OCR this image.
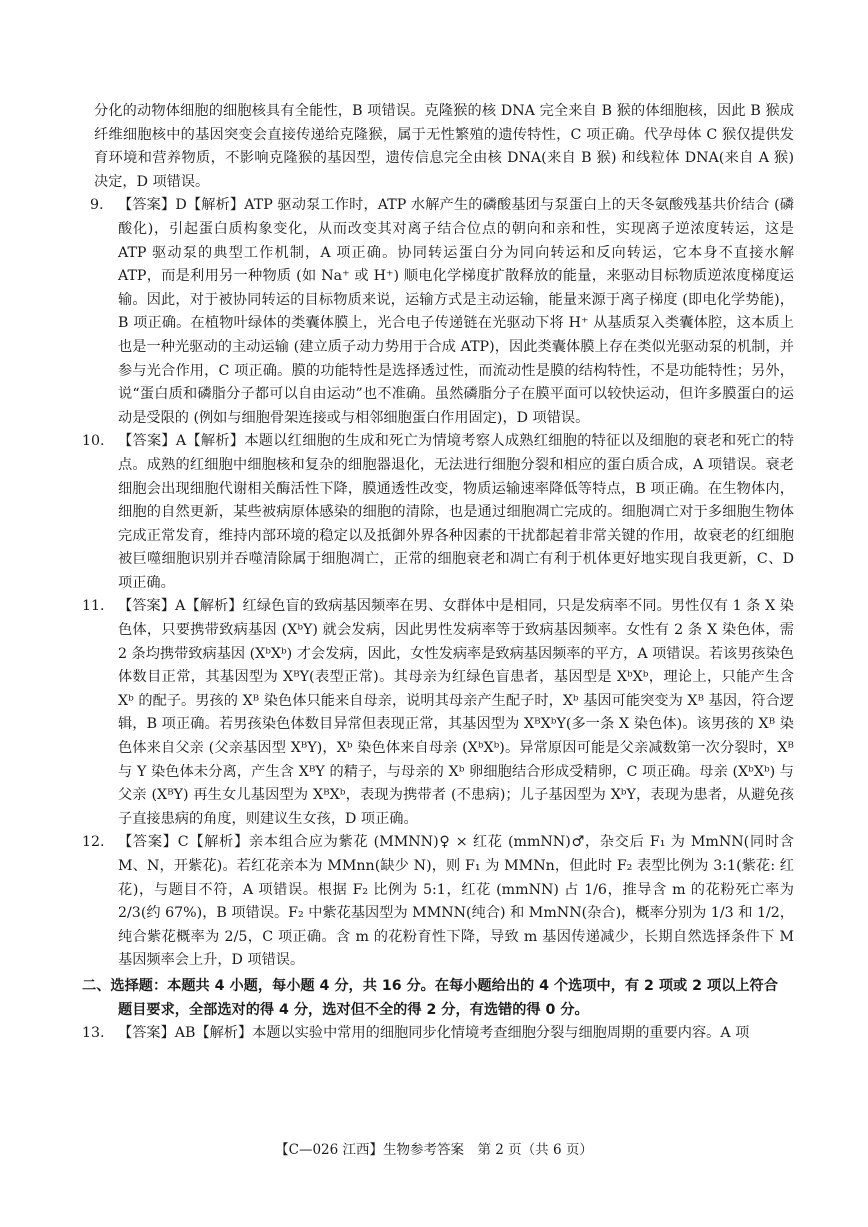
分化的动物体细胞的细胞核具有全能性，B 项错误。克隆猴的核 DNA 完全来自 B 猴的体细胞核，因此 B 猴成纤维细胞核中的基因突变会直接传递给克隆猴，属于无性繁殖的遗传特性，C 项正确。代孕母体 C 猴仅提供发育环境和营养物质，不影响克隆猴的基因型，遗传信息完全由核 DNA(来自 B 猴) 和线粒体 DNA(来自 A 猴) 决定，D 项错误。

9. 【答案】D【解析】ATP 驱动泵工作时，ATP 水解产生的磷酸基团与泵蛋白上的天冬氨酸残基共价结合 (磷酸化)，引起蛋白质构象变化，从而改变其对离子结合位点的朝向和亲和性，实现离子逆浓度转运，这是 ATP 驱动泵的典型工作机制，A 项正确。协同转运蛋白分为同向转运和反向转运，它本身不直接水解 ATP，而是利用另一种物质 (如 Na⁺ 或 H⁺) 顺电化学梯度扩散释放的能量，来驱动目标物质逆浓度梯度运输。因此，对于被协同转运的目标物质来说，运输方式是主动运输，能量来源于离子梯度 (即电化学势能)，B 项正确。在植物叶绿体的类囊体膜上，光合电子传递链在光驱动下将 H⁺ 从基质泵入类囊体腔，这本质上也是一种光驱动的主动运输 (建立质子动力势用于合成 ATP)，因此类囊体膜上存在类似光驱动泵的机制，并参与光合作用，C 项正确。膜的功能特性是选择透过性，而流动性是膜的结构特性，不是功能特性；另外，说“蛋白质和磷脂分子都可以自由运动”也不准确。虽然磷脂分子在膜平面可以较快运动，但许多膜蛋白的运动是受限的 (例如与细胞骨架连接或与相邻细胞蛋白作用固定)，D 项错误。
10. 【答案】A【解析】本题以红细胞的生成和死亡为情境考察人成熟红细胞的特征以及细胞的衰老和死亡的特点。成熟的红细胞中细胞核和复杂的细胞器退化，无法进行细胞分裂和相应的蛋白质合成，A 项错误。衰老细胞会出现细胞代谢相关酶活性下降，膜通透性改变，物质运输速率降低等特点，B 项正确。在生物体内，细胞的自然更新，某些被病原体感染的细胞的清除，也是通过细胞凋亡完成的。细胞凋亡对于多细胞生物体完成正常发育，维持内部环境的稳定以及抵御外界各种因素的干扰都起着非常关键的作用，故衰老的红细胞被巨噬细胞识别并吞噬清除属于细胞凋亡，正常的细胞衰老和凋亡有利于机体更好地实现自我更新，C、D 项正确。
11. 【答案】A【解析】红绿色盲的致病基因频率在男、女群体中是相同，只是发病率不同。男性仅有 1 条 X 染色体，只要携带致病基因 (XᵇY) 就会发病，因此男性发病率等于致病基因频率。女性有 2 条 X 染色体，需 2 条均携带致病基因 (XᵇXᵇ) 才会发病，因此，女性发病率是致病基因频率的平方，A 项错误。若该男孩染色体数目正常，其基因型为 XᴮY(表型正常)。其母亲为红绿色盲患者，基因型是 XᵇXᵇ，理论上，只能产生含 Xᵇ 的配子。男孩的 Xᴮ 染色体只能来自母亲，说明其母亲产生配子时，Xᵇ 基因可能突变为 Xᴮ 基因，符合逻辑，B 项正确。若男孩染色体数目异常但表现正常，其基因型为 XᴮXᵇY(多一条 X 染色体)。该男孩的 Xᴮ 染色体来自父亲 (父亲基因型 XᴮY)，Xᵇ 染色体来自母亲 (XᵇXᵇ)。异常原因可能是父亲减数第一次分裂时，Xᴮ 与 Y 染色体未分离，产生含 XᴮY 的精子，与母亲的 Xᵇ 卵细胞结合形成受精卵，C 项正确。母亲 (XᵇXᵇ) 与父亲 (XᴮY) 再生女儿基因型为 XᴮXᵇ，表现为携带者 (不患病)；儿子基因型为 XᵇY，表现为患者，从避免孩子直接患病的角度，则建议生女孩，D 项正确。
12. 【答案】C【解析】亲本组合应为紫花 (MMNN)♀ × 红花 (mmNN)♂，杂交后 F₁ 为 MmNN(同时含 M、N，开紫花)。若红花亲本为 MMnn(缺少 N)，则 F₁ 为 MMNn，但此时 F₂ 表型比例为 3:1(紫花: 红花)，与题目不符，A 项错误。根据 F₂ 比例为 5:1，红花 (mmNN) 占 1/6，推导含 m 的花粉死亡率为 2/3(约 67%)，B 项错误。F₂ 中紫花基因型为 MMNN(纯合) 和 MmNN(杂合)，概率分别为 1/3 和 1/2，纯合紫花概率为 2/5，C 项正确。含 m 的花粉育性下降，导致 m 基因传递减少，长期自然选择条件下 M 基因频率会上升，D 项错误。
二、选择题：本题共 4 小题，每小题 4 分，共 16 分。在每小题给出的 4 个选项中，有 2 项或 2 项以上符合
题目要求，全部选对的得 4 分，选对但不全的得 2 分，有选错的得 0 分。
13. 【答案】AB【解析】本题以实验中常用的细胞同步化情境考查细胞分裂与细胞周期的重要内容。A 项
【C—026 江西】生物参考答案　第 2 页（共 6 页）
